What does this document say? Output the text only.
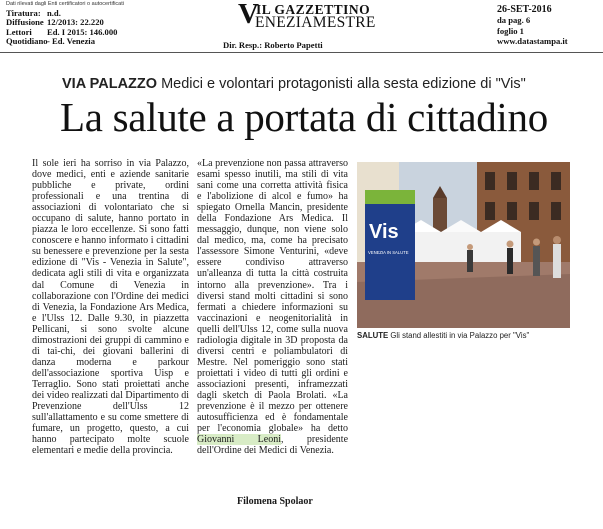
Dati rilevati dagli Enti certificatori o autocertificati
Tiratura: n.d.
Diffusione 12/2013: 22.220
Lettori Ed. I 2015: 146.000
Quotidiano- Ed. Venezia
V
IL GAZZETTINO
ENEZIAMESTRE
Dir. Resp.: Roberto Papetti
26-SET-2016
da pag. 6
foglio 1
www.datastampa.it
VIA PALAZZO Medici e volontari protagonisti alla sesta edizione di "Vis"
La salute a portata di cittadino

Il sole ieri ha sorriso in via Palazzo, dove medici, enti e aziende sanitarie pubbliche e private, ordini professionali e una trentina di associazioni di volontariato che si occupano di salute, hanno portato in piazza le loro eccellenze. Si sono fatti conoscere e hanno informato i cittadini su benessere e prevenzione per la sesta edizione di "Vis - Venezia in Salute", dedicata agli stili di vita e organizzata dal Comune di Venezia in collaborazione con l'Ordine dei medici di Venezia, la Fondazione Ars Medica, e l'Ulss 12. Dalle 9.30, in piazzetta Pellicani, si sono svolte alcune dimostrazioni dei gruppi di cammino e di tai-chi, dei giovani ballerini di danza moderna e parkour dell'associazione sportiva Uisp e Terraglio. Sono stati proiettati anche dei video realizzati dal Dipartimento di Prevenzione dell'Ulss 12 sull'allattamento e su come smettere di fumare, un progetto, questo, a cui hanno partecipato molte scuole elementari e medie della provincia.

«La prevenzione non passa attraverso esami spesso inutili, ma stili di vita sani come una corretta attività fisica e l'abolizione di alcol e fumo» ha spiegato Ornella Mancin, presidente della Fondazione Ars Medica. Il messaggio, dunque, non viene solo dal medico, ma, come ha precisato l'assessore Simone Venturini, «deve essere condiviso attraverso un'alleanza di tutta la città costruita intorno alla prevenzione». Tra i diversi stand molti cittadini si sono fermati a chiedere informazioni su vaccinazioni e neogenitorialità in quelli dell'Ulss 12, come sulla nuova radiologia digitale in 3D proposta da diversi centri e poliambulatori di Mestre. Nel pomeriggio sono stati proiettati i video di tutti gli ordini e associazioni presenti, inframezzati dagli sketch di Paola Brolati. «La prevenzione è il mezzo per ottenere autosufficienza ed è fondamentale per l'economia globale» ha detto Giovanni Leoni, presidente dell'Ordine dei Medici di Venezia.

Filomena Spolaor
Vis
VENEZIA IN SALUTE
SALUTE Gli stand allestiti in via Palazzo per "Vis"
